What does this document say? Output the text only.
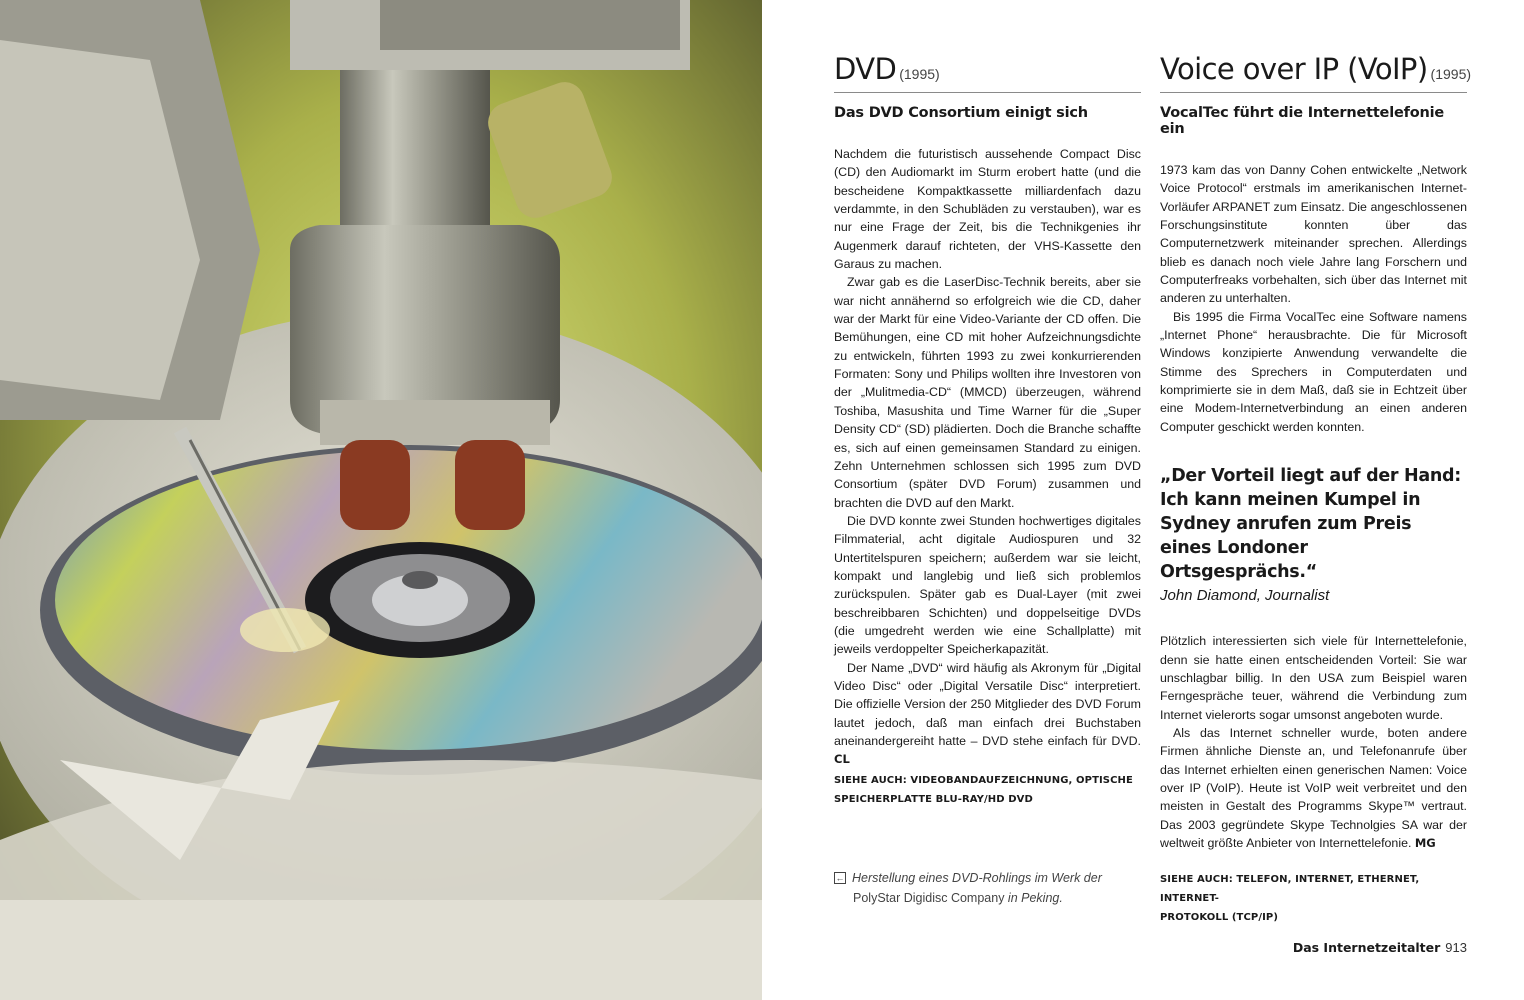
DVD (1995)
Das DVD Consortium einigt sich

Nachdem die futuristisch aussehende Compact Disc (CD) den Audiomarkt im Sturm erobert hatte (und die bescheidene Kompaktkassette milliardenfach dazu verdammte, in den Schubläden zu verstauben), war es nur eine Frage der Zeit, bis die Technikgenies ihr Augenmerk darauf richteten, der VHS-Kassette den Garaus zu machen.

Zwar gab es die LaserDisc-Technik bereits, aber sie war nicht annähernd so erfolgreich wie die CD, daher war der Markt für eine Video-Variante der CD offen. Die Bemühungen, eine CD mit hoher Aufzeichnungsdichte zu entwickeln, führten 1993 zu zwei konkurrierenden Formaten: Sony und Philips wollten ihre Investoren von der „Mulitmedia-CD“ (MMCD) überzeugen, während Toshiba, Masushita und Time Warner für die „Super Density CD“ (SD) plädierten. Doch die Branche schaffte es, sich auf einen gemeinsamen Standard zu einigen. Zehn Unternehmen schlossen sich 1995 zum DVD Consortium (später DVD Forum) zusammen und brachten die DVD auf den Markt.

Die DVD konnte zwei Stunden hochwertiges digitales Filmmaterial, acht digitale Audiospuren und 32 Untertitelspuren speichern; außerdem war sie leicht, kompakt und langlebig und ließ sich problemlos zurückspulen. Später gab es Dual-Layer (mit zwei beschreibbaren Schichten) und doppelseitige DVDs (die umgedreht werden wie eine Schallplatte) mit jeweils verdoppelter Speicherkapazität.

Der Name „DVD“ wird häufig als Akronym für „Digital Video Disc“ oder „Digital Versatile Disc“ interpretiert. Die offizielle Version der 250 Mitglieder des DVD Forum lautet jedoch, daß man einfach drei Buchstaben aneinandergereiht hatte – DVD stehe einfach für DVD. CL

SIEHE AUCH: VIDEOBANDAUFZEICHNUNG, OPTISCHE
SPEICHERPLATTE BLU-RAY/HD DVD
← Herstellung eines DVD-Rohlings im Werk der
PolyStar Digidisc Company in Peking.
Voice over IP (VoIP) (1995)
VocalTec führt die Internettelefonie ein

1973 kam das von Danny Cohen entwickelte „Network Voice Protocol“ erstmals im amerikanischen Internet-Vorläufer ARPANET zum Einsatz. Die angeschlossenen Forschungsinstitute konnten über das Computernetzwerk miteinander sprechen. Allerdings blieb es danach noch viele Jahre lang Forschern und Computerfreaks vorbehalten, sich über das Internet mit anderen zu unterhalten.

Bis 1995 die Firma VocalTec eine Software namens „Internet Phone“ herausbrachte. Die für Microsoft Windows konzipierte Anwendung verwandelte die Stimme des Sprechers in Computerdaten und komprimierte sie in dem Maß, daß sie in Echtzeit über eine Modem-Internetverbindung an einen anderen Computer geschickt werden konnten.

„Der Vorteil liegt auf der Hand: Ich kann meinen Kumpel in Sydney anrufen zum Preis eines Londoner Ortsgesprächs.“
John Diamond, Journalist

Plötzlich interessierten sich viele für Internettelefonie, denn sie hatte einen entscheidenden Vorteil: Sie war unschlagbar billig. In den USA zum Beispiel waren Ferngespräche teuer, während die Verbindung zum Internet vielerorts sogar umsonst angeboten wurde.

Als das Internet schneller wurde, boten andere Firmen ähnliche Dienste an, und Telefonanrufe über das Internet erhielten einen generischen Namen: Voice over IP (VoIP). Heute ist VoIP weit verbreitet und den meisten in Gestalt des Programms Skype™ vertraut. Das 2003 gegründete Skype Technolgies SA war der weltweit größte Anbieter von Internettelefonie. MG

SIEHE AUCH: TELEFON, INTERNET, ETHERNET, INTERNET-
PROTOKOLL (TCP/IP)
Das Internetzeitalter 913
